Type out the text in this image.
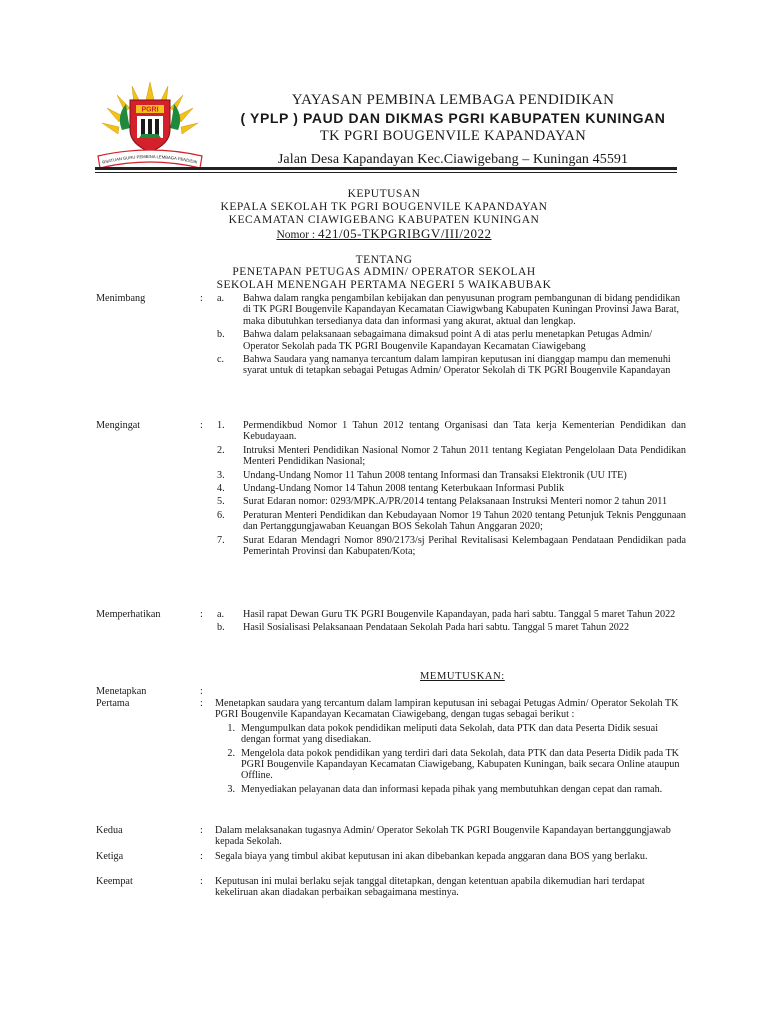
PGRI
RSATUAN GURU PEMBINA LEMBAGA PENDIDIK
YAYASAN PEMBINA LEMBAGA PENDIDIKAN
( YPLP ) PAUD DAN DIKMAS PGRI KABUPATEN KUNINGAN
TK PGRI BOUGENVILE KAPANDAYAN
Jalan Desa Kapandayan Kec.Ciawigebang – Kuningan 45591
KEPUTUSAN
KEPALA SEKOLAH TK PGRI BOUGENVILE KAPANDAYAN
KECAMATAN CIAWIGEBANG KABUPATEN KUNINGAN
Nomor : 421/05-TKPGRIBGV/III/2022
TENTANG
PENETAPAN PETUGAS ADMIN/ OPERATOR SEKOLAH
SEKOLAH MENENGAH PERTAMA NEGERI 5 WAIKABUBAK
Menimbang	:	a.	Bahwa dalam rangka pengambilan kebijakan dan penyusunan program pembangunan di bidang pendidikan di TK PGRI Bougenvile Kapandayan Kecamatan Ciawigwbang Kabupaten Kuningan Provinsi Jawa Barat, maka dibutuhkan tersedianya data dan informasi yang akurat, aktual dan lengkap.
b.	Bahwa dalam pelaksanaan sebagaimana dimaksud point A di atas perlu menetapkan Petugas Admin/ Operator Sekolah pada TK PGRI Bougenvile Kapandayan Kecamatan Ciawigebang
c.	Bahwa Saudara yang namanya tercantum dalam lampiran keputusan ini dianggap mampu dan memenuhi syarat untuk di tetapkan sebagai Petugas Admin/ Operator Sekolah di TK PGRI Bougenvile Kapandayan
Mengingat	:	1.	Permendikbud Nomor 1 Tahun 2012 tentang Organisasi dan Tata kerja Kementerian Pendidikan dan Kebudayaan.
2.	Intruksi Menteri Pendidikan Nasional Nomor 2 Tahun 2011 tentang Kegiatan Pengelolaan Data Pendidikan Menteri Pendidikan Nasional;
3.	Undang-Undang Nomor 11 Tahun 2008 tentang Informasi dan Transaksi Elektronik (UU ITE)
4.	Undang-Undang Nomor 14 Tahun 2008 tentang Keterbukaan Informasi Publik
5.	Surat Edaran nomor: 0293/MPK.A/PR/2014 tentang Pelaksanaan Instruksi Menteri nomor 2 tahun 2011
6.	Peraturan Menteri Pendidikan dan Kebudayaan Nomor 19 Tahun 2020 tentang Petunjuk Teknis Penggunaan dan Pertanggungjawaban Keuangan BOS Sekolah Tahun Anggaran 2020;
7.	Surat Edaran Mendagri Nomor 890/2173/sj Perihal Revitalisasi Kelembagaan Pendataan Pendidikan pada Pemerintah Provinsi dan Kabupaten/Kota;
Memperhatikan	:	a.	Hasil rapat Dewan Guru TK PGRI Bougenvile Kapandayan, pada hari sabtu. Tanggal 5 maret Tahun 2022
b.	Hasil Sosialisasi Pelaksanaan Pendataan Sekolah Pada hari sabtu. Tanggal 5 maret Tahun 2022
MEMUTUSKAN:
Menetapkan	:
Pertama	:	Menetapkan saudara yang tercantum dalam lampiran keputusan ini sebagai Petugas Admin/ Operator Sekolah TK PGRI Bougenvile Kapandayan Kecamatan Ciawigebang, dengan tugas sebagai berikut :

1. Mengumpulkan data pokok pendidikan meliputi data Sekolah, data PTK dan data Peserta Didik sesuai dengan format yang disediakan.
2. Mengelola data pokok pendidikan yang terdiri dari data Sekolah, data PTK dan data Peserta Didik pada TK PGRI Bougenvile Kapandayan Kecamatan Ciawigebang, Kabupaten Kuningan, baik secara Online ataupun Offline.
3. Menyediakan pelayanan data dan informasi kepada pihak yang membutuhkan dengan cepat dan ramah.
Kedua	:	Dalam melaksanakan tugasnya Admin/ Operator Sekolah TK PGRI Bougenvile Kapandayan bertanggungjawab kepada Sekolah.
Ketiga	:	Segala biaya yang timbul akibat keputusan ini akan dibebankan kepada anggaran dana BOS yang berlaku.
Keempat	:	Keputusan ini mulai berlaku sejak tanggal ditetapkan, dengan ketentuan apabila dikemudian hari terdapat kekeliruan akan diadakan perbaikan sebagaimana mestinya.
